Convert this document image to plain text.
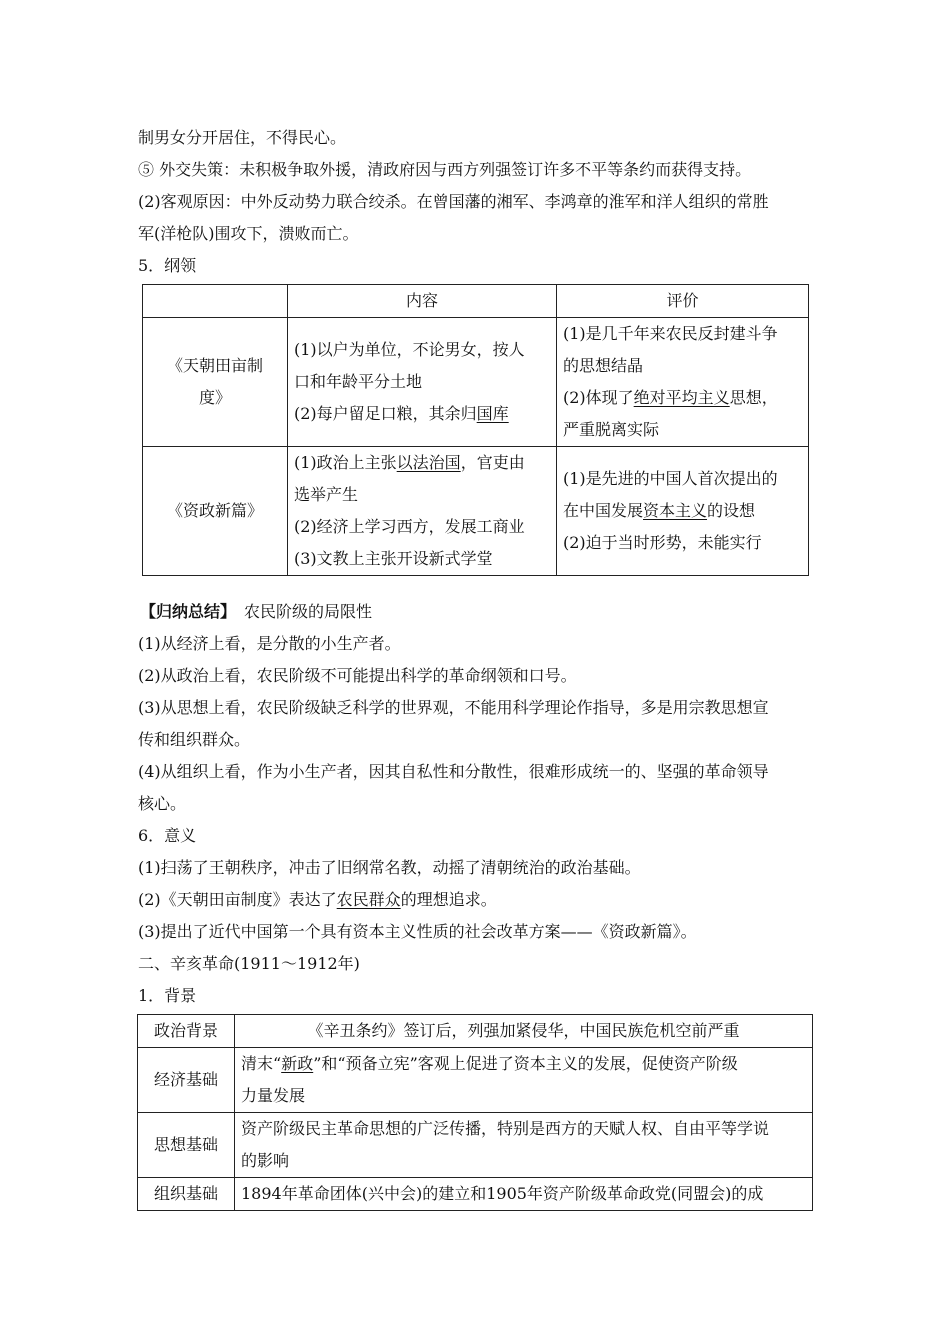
制男女分开居住，不得民心。
⑤ 外交失策：未积极争取外援，清政府因与西方列强签订许多不平等条约而获得支持。
(2)客观原因：中外反动势力联合绞杀。在曾国藩的湘军、李鸿章的淮军和洋人组织的常胜
军(洋枪队)围攻下，溃败而亡。
5．纲领
	内容	评价

《天朝田亩制
度》	(1)以户为单位，不论男女，按人
口和年龄平分土地
(2)每户留足口粮，其余归国库	(1)是几千年来农民反封建斗争
的思想结晶
(2)体现了绝对平均主义思想，
严重脱离实际

《资政新篇》	(1)政治上主张以法治国，官吏由
选举产生
(2)经济上学习西方，发展工商业
(3)文教上主张开设新式学堂	(1)是先进的中国人首次提出的
在中国发展资本主义的设想
(2)迫于当时形势，未能实行
【归纳总结】 农民阶级的局限性
(1)从经济上看，是分散的小生产者。
(2)从政治上看，农民阶级不可能提出科学的革命纲领和口号。
(3)从思想上看，农民阶级缺乏科学的世界观，不能用科学理论作指导，多是用宗教思想宣
传和组织群众。
(4)从组织上看，作为小生产者，因其自私性和分散性，很难形成统一的、坚强的革命领导
核心。
6．意义
(1)扫荡了王朝秩序，冲击了旧纲常名教，动摇了清朝统治的政治基础。
(2)《天朝田亩制度》表达了农民群众的理想追求。
(3)提出了近代中国第一个具有资本主义性质的社会改革方案——《资政新篇》。
二、辛亥革命(1911～1912年)
1．背景
政治背景	《辛丑条约》签订后，列强加紧侵华，中国民族危机空前严重
经济基础	清末“新政”和“预备立宪”客观上促进了资本主义的发展，促使资产阶级
力量发展

思想基础	资产阶级民主革命思想的广泛传播，特别是西方的天赋人权、自由平等学说
的影响

组织基础	1894年革命团体(兴中会)的建立和1905年资产阶级革命政党(同盟会)的成
